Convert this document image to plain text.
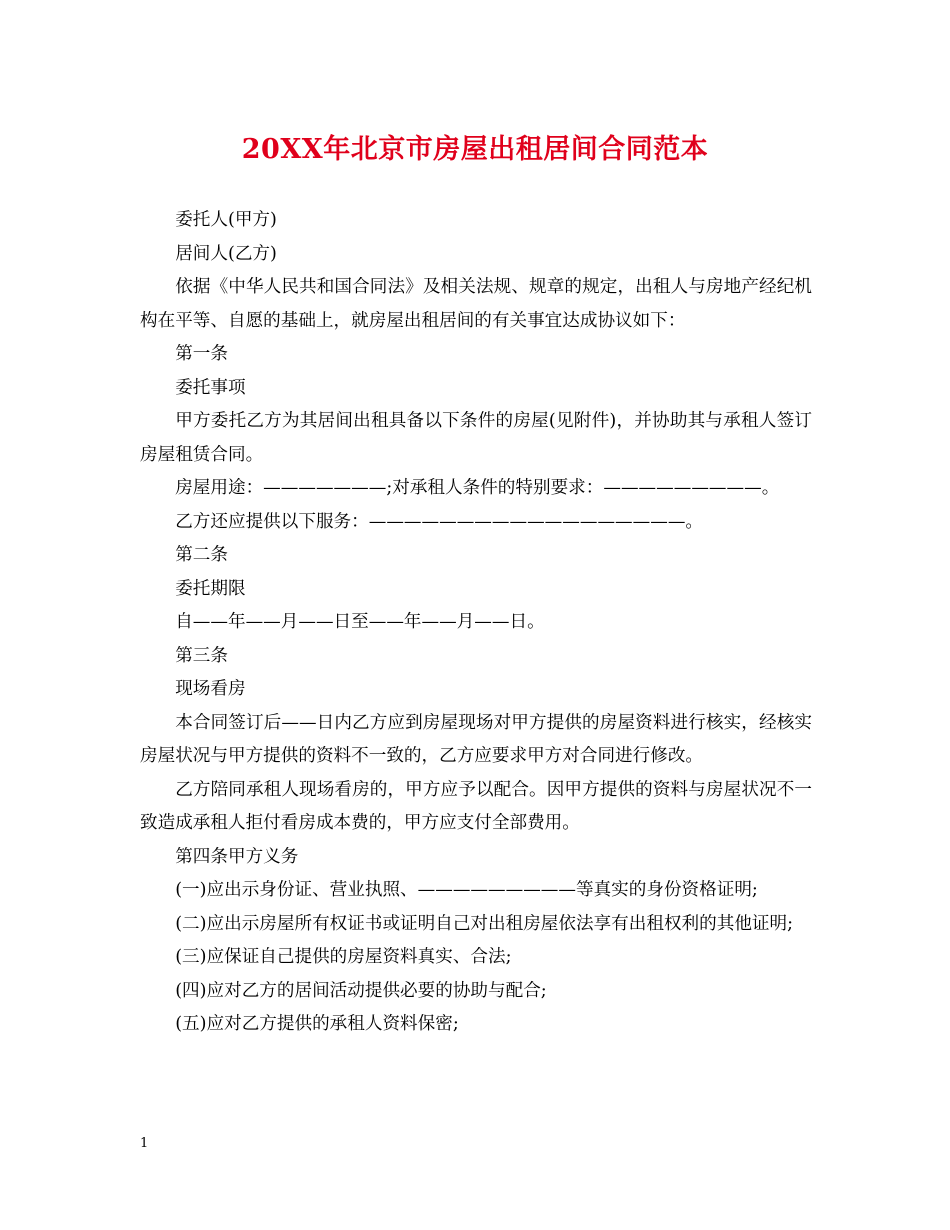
20XX年北京市房屋出租居间合同范本

委托人(甲方)

居间人(乙方)

依据《中华人民共和国合同法》及相关法规、规章的规定，出租人与房地产经纪机构在平等、自愿的基础上，就房屋出租居间的有关事宜达成协议如下：

第一条

委托事项

甲方委托乙方为其居间出租具备以下条件的房屋(见附件)，并协助其与承租人签订房屋租赁合同。

房屋用途：———————;对承租人条件的特别要求：—————————。

乙方还应提供以下服务：——————————————————。

第二条

委托期限

自——年——月——日至——年——月——日。

第三条

现场看房

本合同签订后——日内乙方应到房屋现场对甲方提供的房屋资料进行核实，经核实房屋状况与甲方提供的资料不一致的，乙方应要求甲方对合同进行修改。

乙方陪同承租人现场看房的，甲方应予以配合。因甲方提供的资料与房屋状况不一致造成承租人拒付看房成本费的，甲方应支付全部费用。

第四条甲方义务

(一)应出示身份证、营业执照、—————————等真实的身份资格证明;

(二)应出示房屋所有权证书或证明自己对出租房屋依法享有出租权利的其他证明;

(三)应保证自己提供的房屋资料真实、合法;

(四)应对乙方的居间活动提供必要的协助与配合;

(五)应对乙方提供的承租人资料保密;

1
